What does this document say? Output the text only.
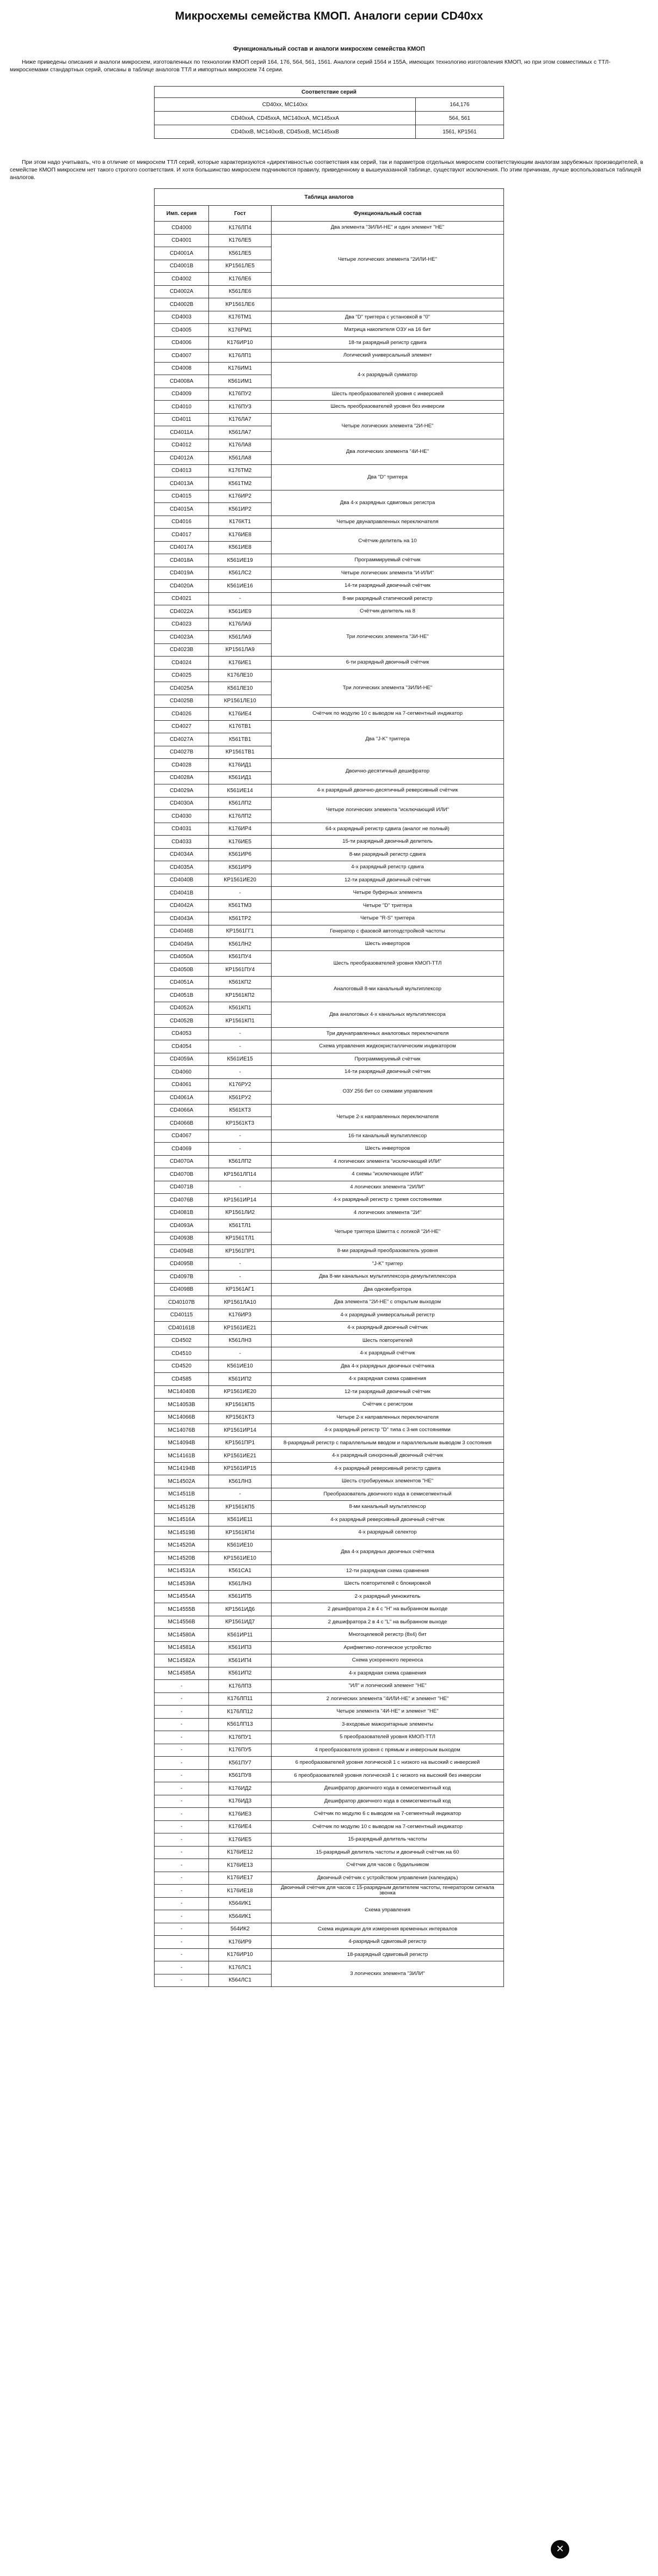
Микросхемы семейства КМОП. Аналоги серии CD40xx

Функциональный состав и аналоги микросхем семейства КМОП

Ниже приведены описания и аналоги микросхем, изготовленных по технологии КМОП серий 164, 176, 564, 561, 1561. Аналоги серий 1564 и 155А, имеющих технологию изготовления КМОП, но при этом совместимых с ТТЛ-микросхемами стандартных серий, описаны в таблице аналогов ТТЛ и импортных микросхем 74 серии.

Соответствие серий	
CD40xx, MC140xx	164,176
CD40xxA, CD45xxA, MC140xxA, MC145xxA	564, 561
CD40xxB, MC140xxB, CD45xxB, MC145xxB	1561, КР1561

При этом надо учитывать, что в отличие от микросхем ТТЛ серий, которые характеризуются «директивностью соответствия как серий, так и параметров отдельных микросхем соответствующим аналогам зарубежных производителей, в семействе КМОП микросхем нет такого строгого соответствия. И хотя большинство микросхем подчиняются правилу, приведенному в вышеуказанной таблице, существуют исключения. По этим причинам, лучше воспользоваться таблицей аналогов.

Таблица аналогов		
Имп. серия	Гост	Функциональный состав
CD4000	К176ЛП4	Два элемента "ЗИЛИ-НЕ" и один элемент "НЕ"
CD4001	К176ЛЕ5	Четыре логических элемента "2ИЛИ-НЕ"
CD4001A	К561ЛЕ5	
CD4001B	КР1561ЛЕ5	
CD4002	К176ЛЕ6	
CD4002A	К561ЛЕ6	
CD4002B	КР1561ЛЕ6	
CD4003	К176ТМ1	Два "D" триггера с установкой в "0"
CD4005	К176РМ1	Матрица накопителя ОЗУ на 16 бит
CD4006	К176ИР10	18-ти разрядный регистр сдвига
CD4007	К176ЛП1	Логический универсальный элемент
CD4008	К176ИМ1	4-х разрядный сумматор
CD4008A	К561ИМ1	
CD4009	К176ПУ2	Шесть преобразователей уровня с инверсией
CD4010	К176ПУ3	Шесть преобразователей уровня без инверсии
CD4011	К176ЛА7	Четыре логических элемента "2И-НЕ"
CD4011A	К561ЛА7	
CD4012	К176ЛА8	Два логических элемента "4И-НЕ"
CD4012A	К561ЛА8	
CD4013	К176ТМ2	Два "D" триггера
CD4013A	К561ТМ2	
CD4015	К176ИР2	Два 4-х разрядных сдвиговых регистра
CD4015A	К561ИР2	
CD4016	К176КТ1	Четыре двунаправленных переключателя
CD4017	К176ИЕ8	Счётчик-делитель на 10
CD4017A	К561ИЕ8	
CD4018A	К561ИЕ19	Программируемый счётчик
CD4019A	К561ЛС2	Четыре логических элемента "И-ИЛИ"
CD4020A	К561ИЕ16	14-ти разрядный двоичный счётчик
CD4021	-	8-ми разрядный статический регистр
CD4022A	К561ИЕ9	Счётчик-делитель на 8
CD4023	К176ЛА9	Три логических элемента "3И-НЕ"
CD4023A	К561ЛА9	
CD4023B	КР1561ЛА9	
CD4024	К176ИЕ1	6-ти разрядный двоичный счётчик
CD4025	К176ЛЕ10	Три логических элемента "3ИЛИ-НЕ"
CD4025A	К561ЛЕ10	
CD4025B	КР1561ЛЕ10	
CD4026	К176ИЕ4	Счётчик по модулю 10 с выводом на 7-сегментный индикатор
CD4027	К176ТВ1	Два "J-K" триггера
CD4027A	К561ТВ1	
CD4027B	КР1561ТВ1	
CD4028	К176ИД1	Двоично-десятичный дешифратор
CD4028A	К561ИД1	
CD4029A	К561ИЕ14	4-х разрядный двоично-десятичный реверсивный счётчик
CD4030A	К561ЛП2	Четыре логических элемента "исключающий ИЛИ"
CD4030	К176ЛП2	
CD4031	К176ИР4	64-х разрядный регистр сдвига (аналог не полный)
CD4033	К176ИЕ5	15-ти разрядный двоичный делитель
CD4034A	К561ИР6	8-ми разрядный регистр сдвига
CD4035A	К561ИР9	4-х разрядный регистр сдвига
CD4040B	КР1561ИЕ20	12-ти разрядный двоичный счётчик
CD4041B	-	Четыре буферных элемента
CD4042A	К561ТМ3	Четыре "D" триггера
CD4043A	К561ТР2	Четыре "R-S" триггера
CD4046B	КР1561ГГ1	Генератор с фазовой автоподстройкой частоты
CD4049A	К561ЛН2	Шесть инверторов
CD4050A	К561ПУ4	Шесть преобразователей уровня КМОП-ТТЛ
CD4050B	КР1561ПУ4	
CD4051A	К561КП2	Аналоговый 8-ми канальный мультиплексор
CD4051B	КР1561КП2	
CD4052A	К561КП1	Два аналоговых 4-х канальных мультиплексора
CD4052B	КР1561КП1	
CD4053	-	Три двунаправленных аналоговых переключателя
CD4054	-	Схема управления жидкокристаллическим индикатором
CD4059A	К561ИЕ15	Программируемый счётчик
CD4060	-	14-ти разрядный двоичный счётчик
CD4061	К176РУ2	ОЗУ 256 бит со схемами управления
CD4061A	К561РУ2	
CD4066A	К561КТ3	Четыре 2-х направленных переключателя
CD4066B	КР1561КТ3	
CD4067	-	16-ти канальный мультиплексор
CD4069	-	Шесть инверторов
CD4070A	К561ЛП2	4 логических элемента "исключающий ИЛИ"
CD4070B	КР1561ЛП14	4 схемы "исключающее ИЛИ"
CD4071B	-	4 логических элемента "2ИЛИ"
CD4076B	КР1561ИР14	4-х разрядный регистр с тремя состояниями
CD4081B	КР1561ЛИ2	4 логических элемента "2И"
CD4093A	К561ТЛ1	Четыре триггера Шмитта с логикой "2И-НЕ"
CD4093B	КР1561ТЛ1	
CD4094B	КР1561ПР1	8-ми разрядный преобразователь уровня
CD4095B	-	"J-K" триггер
CD4097B	-	Два 8-ми канальных мультиплексора-демультиплексора
CD4098B	КР1561АГ1	Два одновибратора
CD40107B	КР1561ЛА10	Два элемента "2И-НЕ" с открытым выходом
CD40115	К176ИР3	4-х разрядный универсальный регистр
CD40161B	КР1561ИЕ21	4-х разрядный двоичный счётчик
CD4502	К561ЛН3	Шесть повторителей
CD4510	-	4-х разрядный счётчик
CD4520	К561ИЕ10	Два 4-х разрядных двоичных счётчика
CD4585	К561ИП2	4-х разрядная схема сравнения
MC14040B	КР1561ИЕ20	12-ти разрядный двоичный счётчик
MC14053B	КР1561КП5	Счётчик с регистром
MC14066B	КР1561КТ3	Четыре 2-х направленных переключателя
MC14076B	КР1561ИР14	4-х разрядный регистр "D" типа с 3-мя состояниями
MC14094B	КР1561ПР1	8-разрядный регистр с параллельным вводом и параллельным выводом 3 состояния
MC14161B	КР1561ИЕ21	4-х разрядный синхронный двоичный счётчик
MC14194B	КР1561ИР15	4-х разрядный реверсивный регистр сдвига
MC14502A	К561ЛН3	Шесть стробируемых элементов "НЕ"
MC14511B	-	Преобразователь двоичного кода в семисегментный
MC14512B	КР1561КП5	8-ми канальный мультиплексор
MC14516A	К561ИЕ11	4-х разрядный реверсивный двоичный счётчик
MC14519B	КР1561КП4	4-х разрядный селектор
MC14520A	К561ИЕ10	Два 4-х разрядных двоичных счётчика
MC14520B	КР1561ИЕ10	
MC14531A	К561СА1	12-ти разрядная схема сравнения
MC14539A	К561ЛН3	Шесть повторителей с блокировкой
MC14554A	К561ИП5	2-х разрядный умножитель
MC14555B	КР1561ИД6	2 дешифратора 2 в 4 с "Н" на выбранном выходе
MC14556B	КР1561ИД7	2 дешифратора 2 в 4 с "L" на выбранном выходе
MC14580A	К561ИР11	Многоцелевой регистр (8x4) бит
MC14581A	К561ИП3	Арифметико-логическое устройство
MC14582A	К561ИП4	Схема ускоренного переноса
MC14585A	К561ИП2	4-х разрядная схема сравнения
-	К176ЛП3	"ИЛ" и логический элемент "НЕ"
-	К176ЛП11	2 логических элемента "4ИЛИ-НЕ" и элемент "НЕ"
-	К176ЛП12	Четыре элемента "4И-НЕ" и элемент "НЕ"
-	К561ЛП13	3-входовые мажоритарные элементы
-	К176ПУ1	5 преобразователей уровня КМОП-ТТЛ
-	К176ПУ5	4 преобразователя уровня с прямым и инверсным выходом
-	К561ПУ7	6 преобразователей уровня логической 1 с низкого на высокий с инверсией
-	К561ПУ8	6 преобразователей уровня логической 1 с низкого на высокий без инверсии
-	К176ИД2	Дешифратор двоичного кода в семисегментный код
-	К176ИД3	Дешифратор двоичного кода в семисегментный код
-	К176ИЕ3	Счётчик по модулю 6 с выводом на 7-сегментный индикатор
-	К176ИЕ4	Счётчик по модулю 10 с выводом на 7-сегментный индикатор
-	К176ИЕ5	15-разрядный делитель частоты
-	К176ИЕ12	15-разрядный делитель частоты и двоичный счётчик на 60
-	К176ИЕ13	Счётчик для часов с будильником
-	К176ИЕ17	Двоичный счётчик с устройством управления (календарь)
-	К176ИЕ18	Двоичный счётчик для часов с 15-разрядным делителем частоты, генератором сигнала звонка
-	К564ИК1	Схема управления
-	К564ИК1	
-	564ИК2	Схема индикации для измерения временных интервалов
-	К176ИР9	4-разрядный сдвиговый регистр
-	К176ИР10	18-разрядный сдвиговый регистр
-	К176ЛС1	3 логических элемента "3ИЛИ"
-	К564ЛС1	
✕
